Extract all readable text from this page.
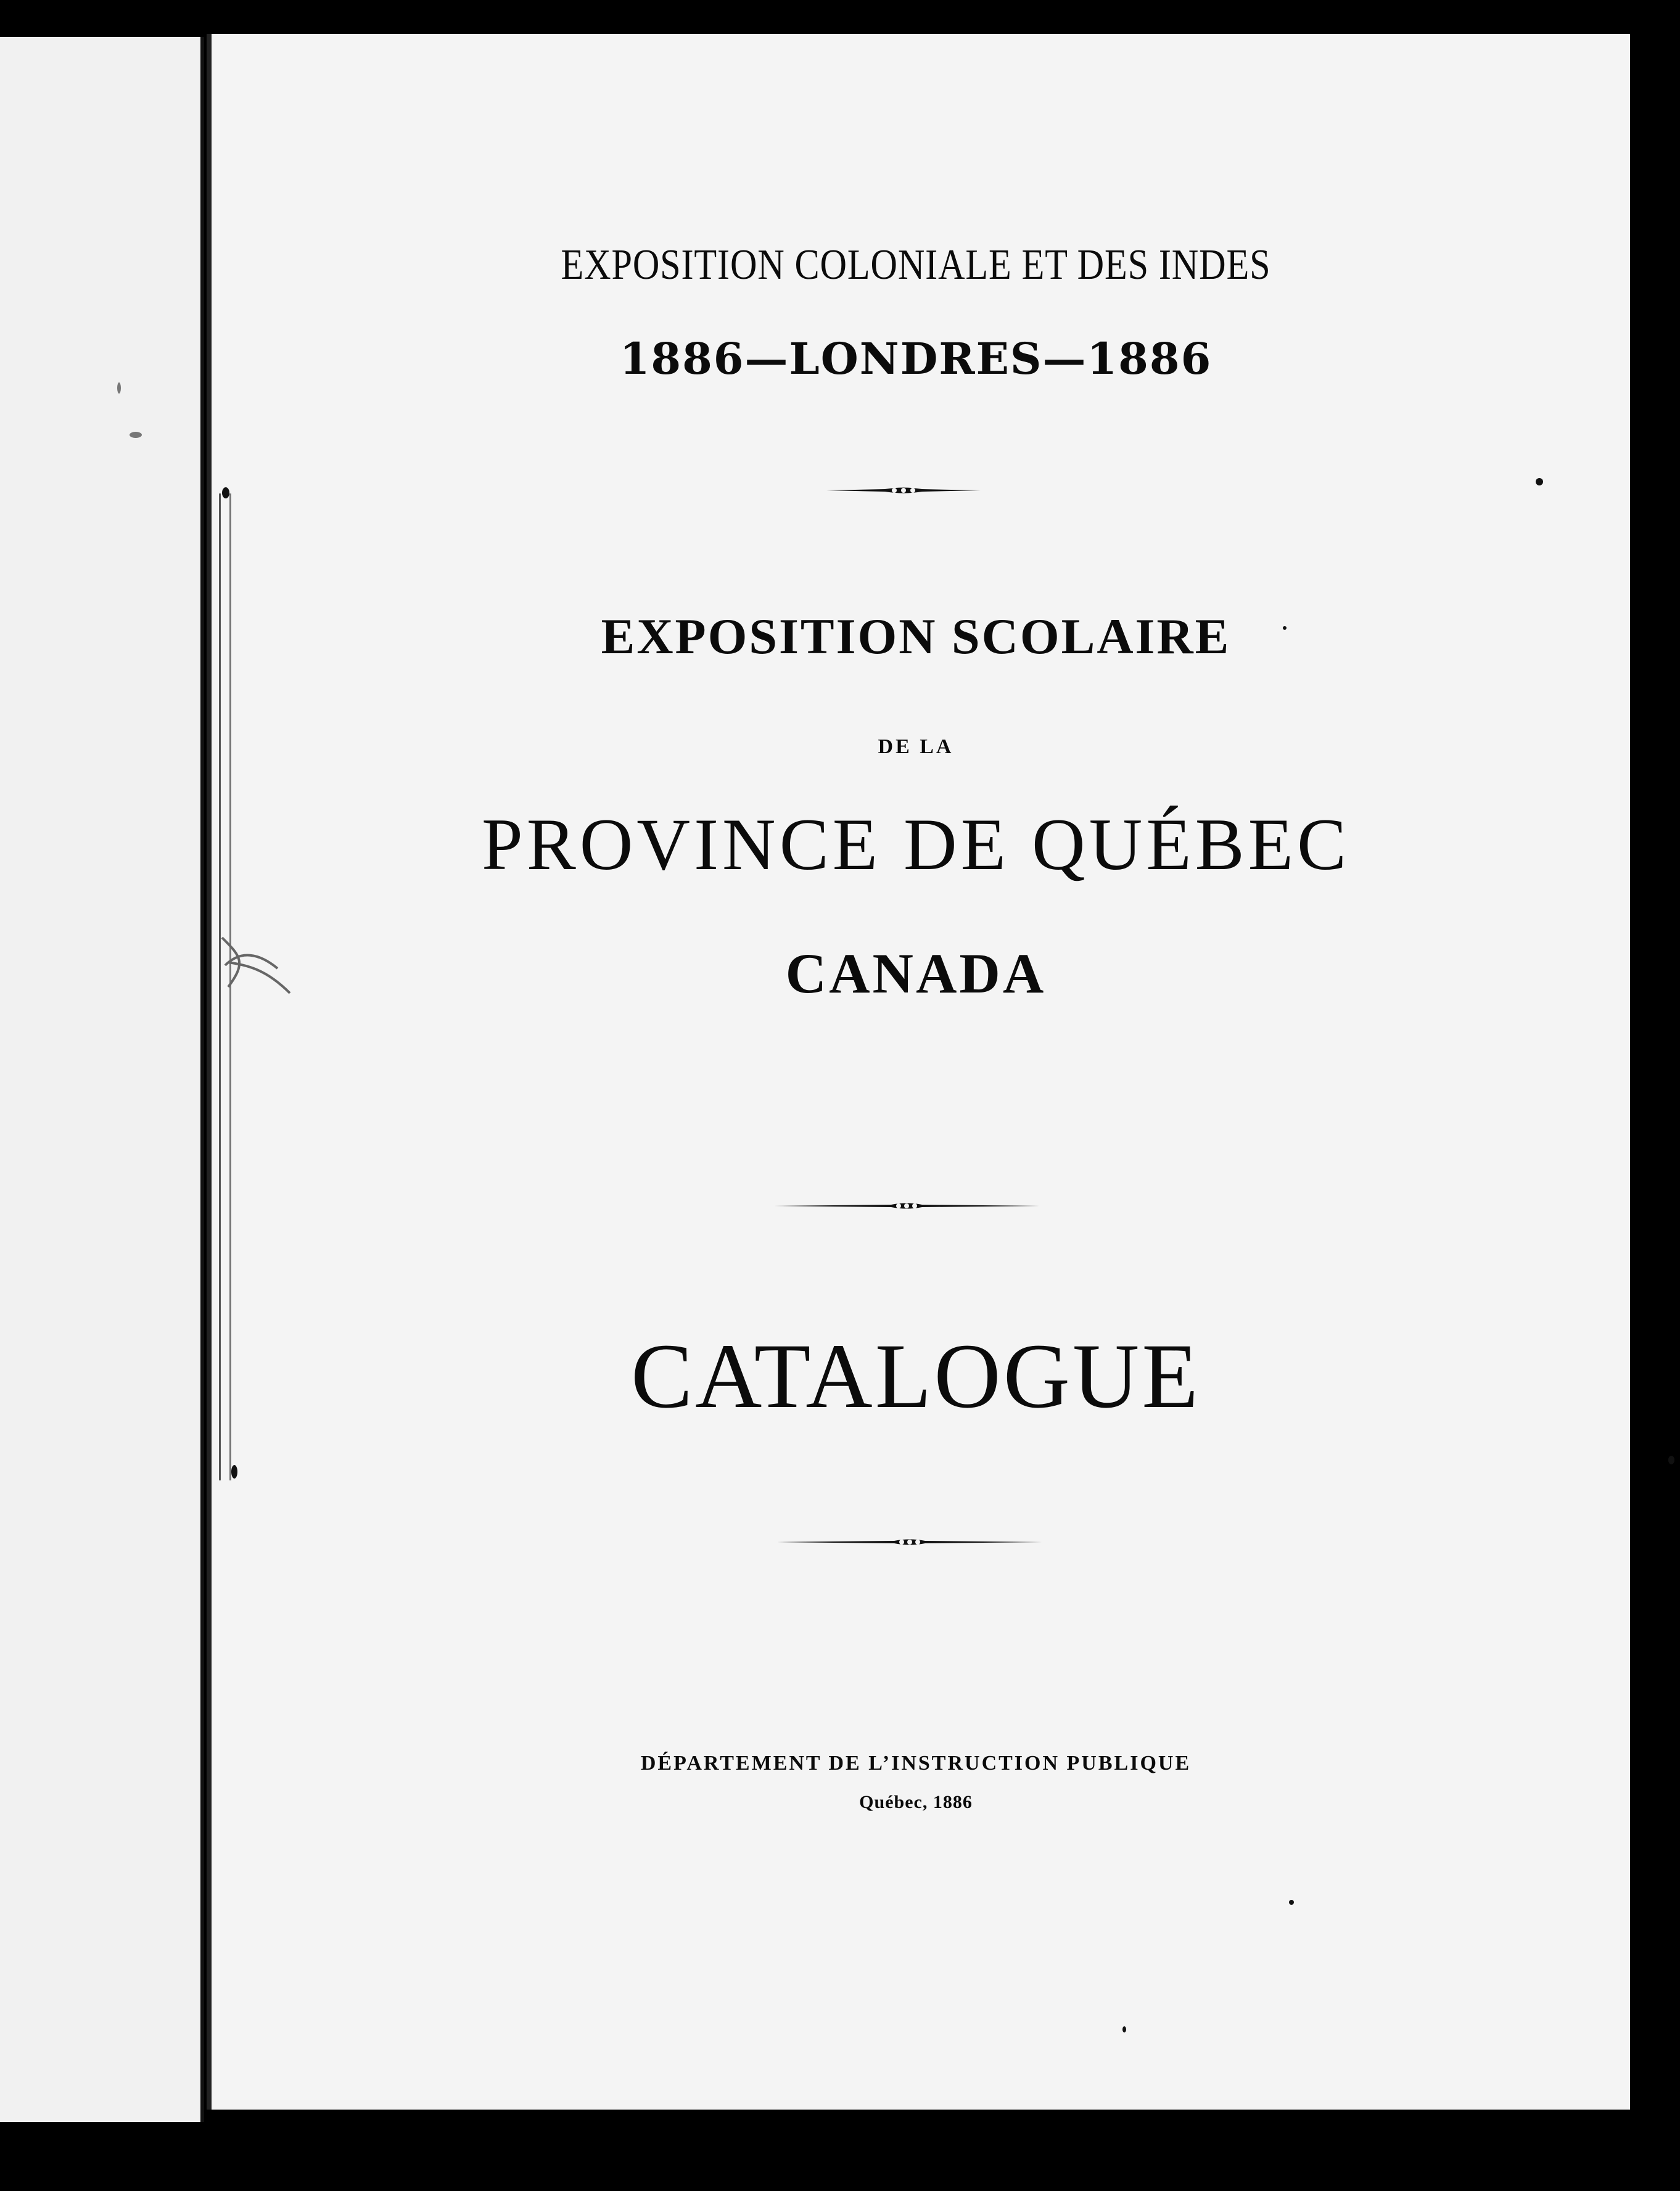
EXPOSITION COLONIALE ET DES INDES
1886—LONDRES—1886
EXPOSITION SCOLAIRE
DE LA
PROVINCE DE QUÉBEC
CANADA
CATALOGUE
DÉPARTEMENT DE L’INSTRUCTION PUBLIQUE
Québec, 1886
